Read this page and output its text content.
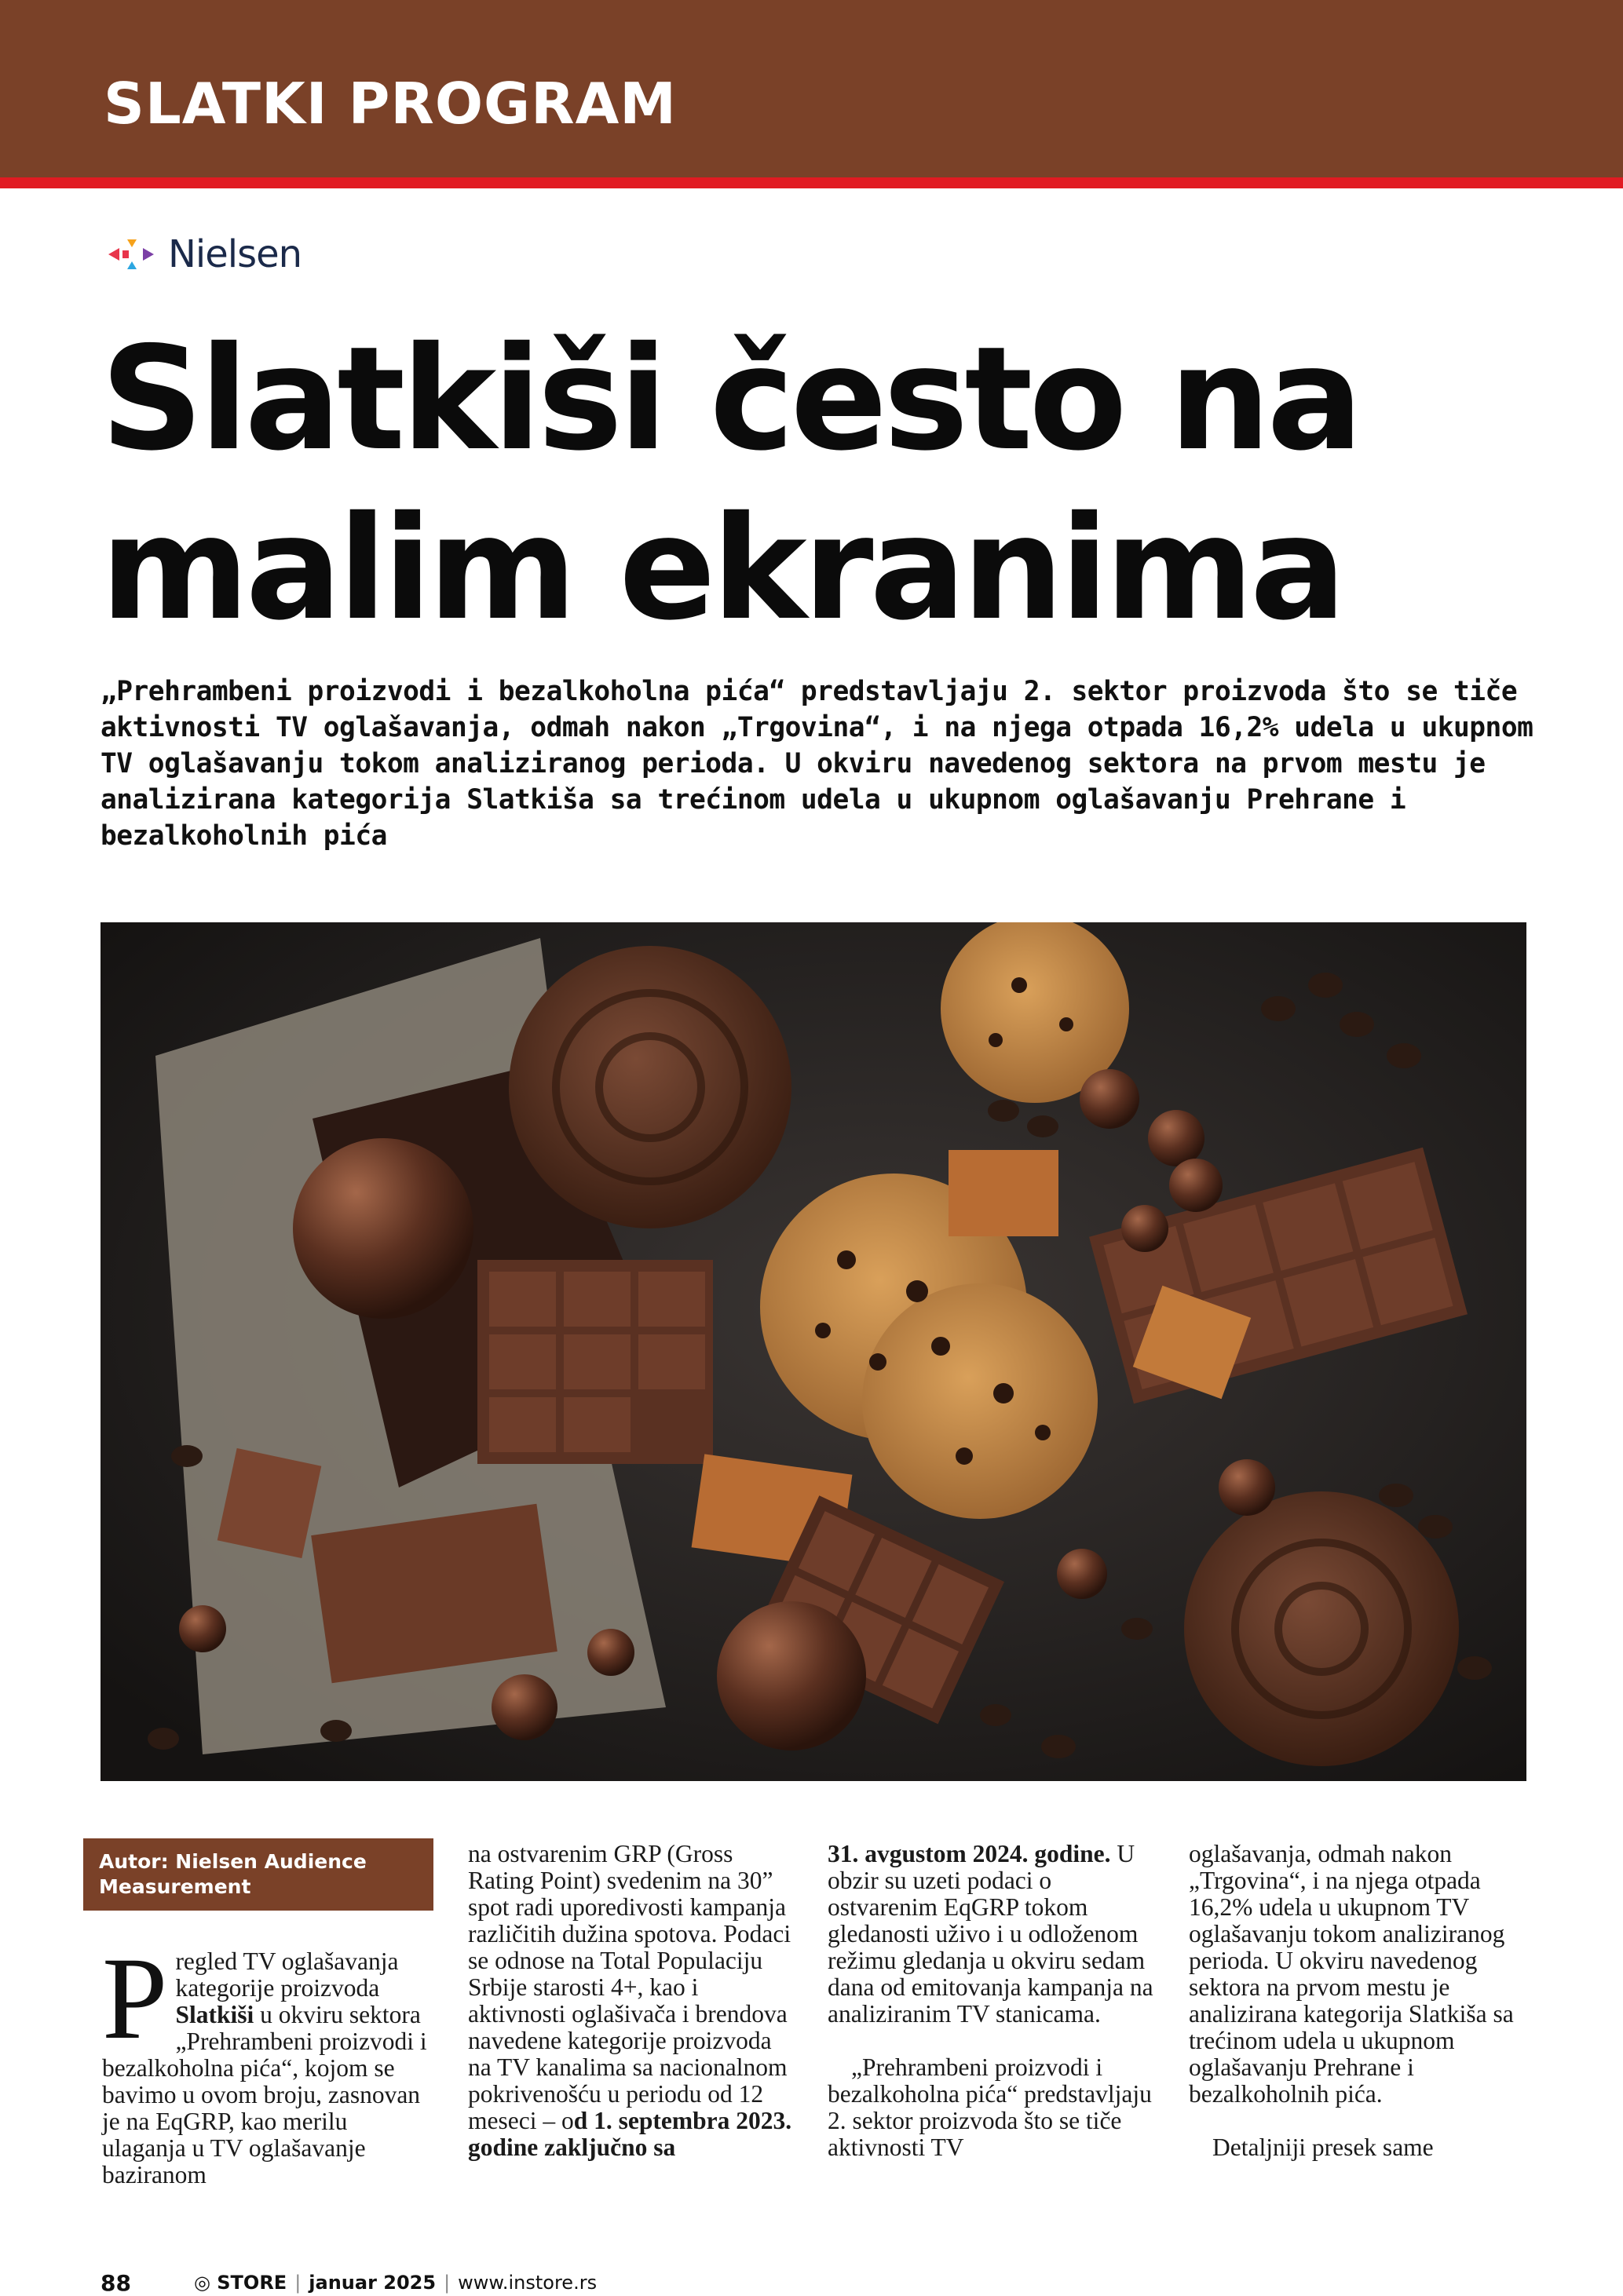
SLATKI PROGRAM
Nielsen
Slatkiši često na
malim ekranima
„Prehrambeni proizvodi i bezalkoholna pića“ predstavljaju 2. sektor proizvoda što se tiče aktivnosti TV oglašavanja, odmah nakon „Trgovina“, i na njega otpada 16,2% udela u ukupnom TV oglašavanju tokom analiziranog perioda. U okviru navedenog sektora na prvom mestu je analizirana kategorija Slatkiša sa trećinom udela u ukupnom oglašavanju Prehrane i bezalkoholnih pića
Autor: Nielsen Audience Measurement
Pregled TV oglašavanja kategorije proizvoda Slatkiši u okviru sektora „Prehrambeni proizvodi i bezalkoholna pića“, kojom se bavimo u ovom broju, zasnovan je na EqGRP, kao merilu ulaganja u TV oglašavanje baziranom
na ostvarenim GRP (Gross Rating Point) svedenim na 30” spot radi uporedivosti kampanja različitih dužina spotova. Podaci se odnose na Total Populaciju Srbije starosti 4+, kao i aktivnosti oglašivača i brendova navedene kategorije proizvoda na TV kanalima sa nacionalnom pokrivenošću u periodu od 12 meseci – od 1. septembra 2023. godine zaključno sa

31. avgustom 2024. godine. U obzir su uzeti podaci o ostvarenim EqGRP tokom gledanosti uživo i u odloženom režimu gledanja u okviru sedam dana od emitovanja kampanja na analiziranim TV stanicama.

„Prehrambeni proizvodi i bezalkoholna pića“ predstavljaju 2. sektor proizvoda što se tiče aktivnosti TV

oglašavanja, odmah nakon „Trgovina“, i na njega otpada 16,2% udela u ukupnom TV oglašavanju tokom analiziranog perioda. U okviru navedenog sektora na prvom mestu je analizirana kategorija Slatkiša sa trećinom udela u ukupnom oglašavanju Prehrane i bezalkoholnih pića.

Detaljniji presek same

88	◎ STORE | januar 2025 | www.instore.rs
